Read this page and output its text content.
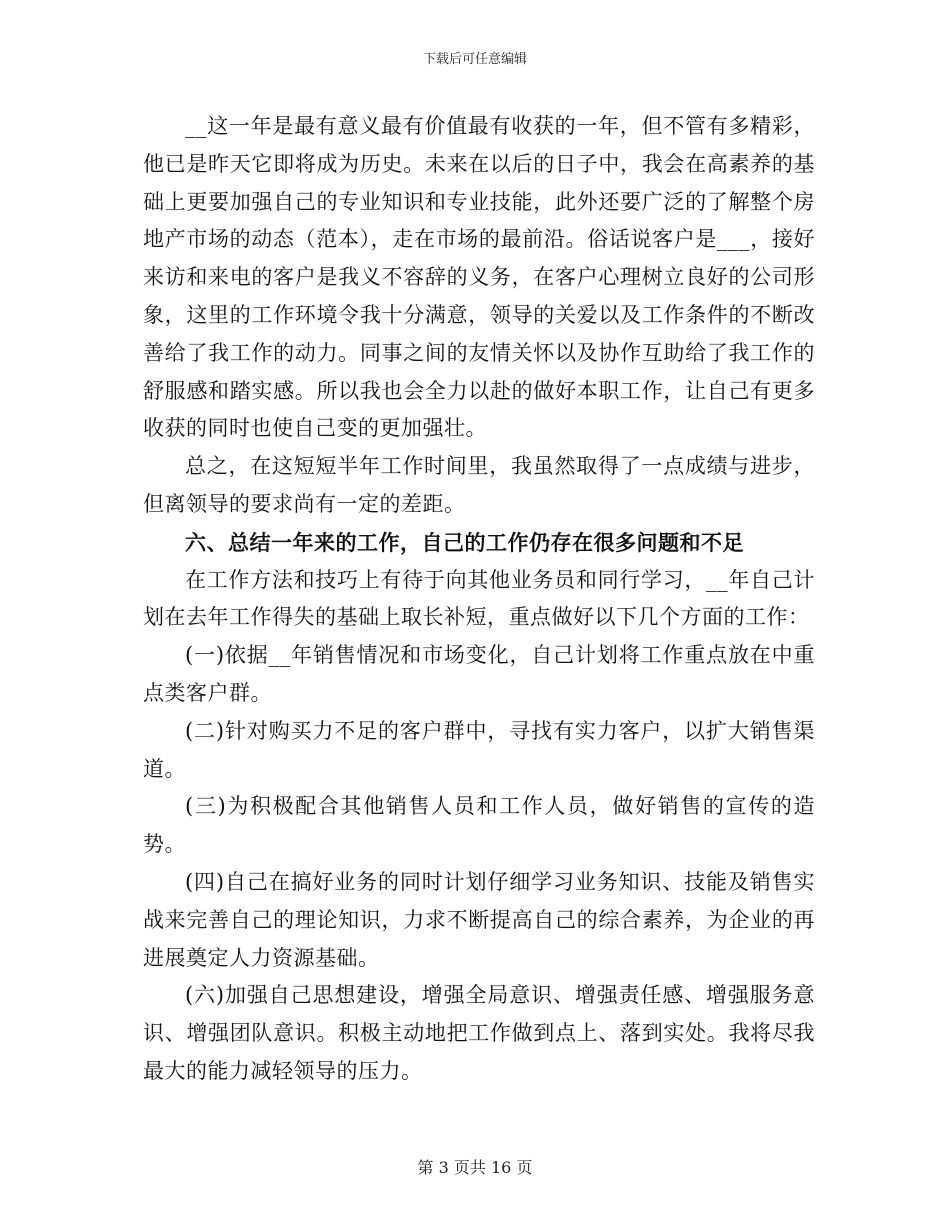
下载后可任意编辑

__这一年是最有意义最有价值最有收获的一年，但不管有多精彩，他已是昨天它即将成为历史。未来在以后的日子中，我会在高素养的基础上更要加强自己的专业知识和专业技能，此外还要广泛的了解整个房地产市场的动态（范本），走在市场的最前沿。俗话说客户是___，接好来访和来电的客户是我义不容辞的义务，在客户心理树立良好的公司形象，这里的工作环境令我十分满意，领导的关爱以及工作条件的不断改善给了我工作的动力。同事之间的友情关怀以及协作互助给了我工作的舒服感和踏实感。所以我也会全力以赴的做好本职工作，让自己有更多收获的同时也使自己变的更加强壮。

总之，在这短短半年工作时间里，我虽然取得了一点成绩与进步，但离领导的要求尚有一定的差距。

六、总结一年来的工作，自己的工作仍存在很多问题和不足

在工作方法和技巧上有待于向其他业务员和同行学习，__年自己计划在去年工作得失的基础上取长补短，重点做好以下几个方面的工作：

(一)依据__年销售情况和市场变化，自己计划将工作重点放在中重点类客户群。

(二)针对购买力不足的客户群中，寻找有实力客户，以扩大销售渠道。

(三)为积极配合其他销售人员和工作人员，做好销售的宣传的造势。

(四)自己在搞好业务的同时计划仔细学习业务知识、技能及销售实战来完善自己的理论知识，力求不断提高自己的综合素养，为企业的再进展奠定人力资源基础。

(六)加强自己思想建设，增强全局意识、增强责任感、增强服务意识、增强团队意识。积极主动地把工作做到点上、落到实处。我将尽我最大的能力减轻领导的压力。

第 3 页共 16 页
